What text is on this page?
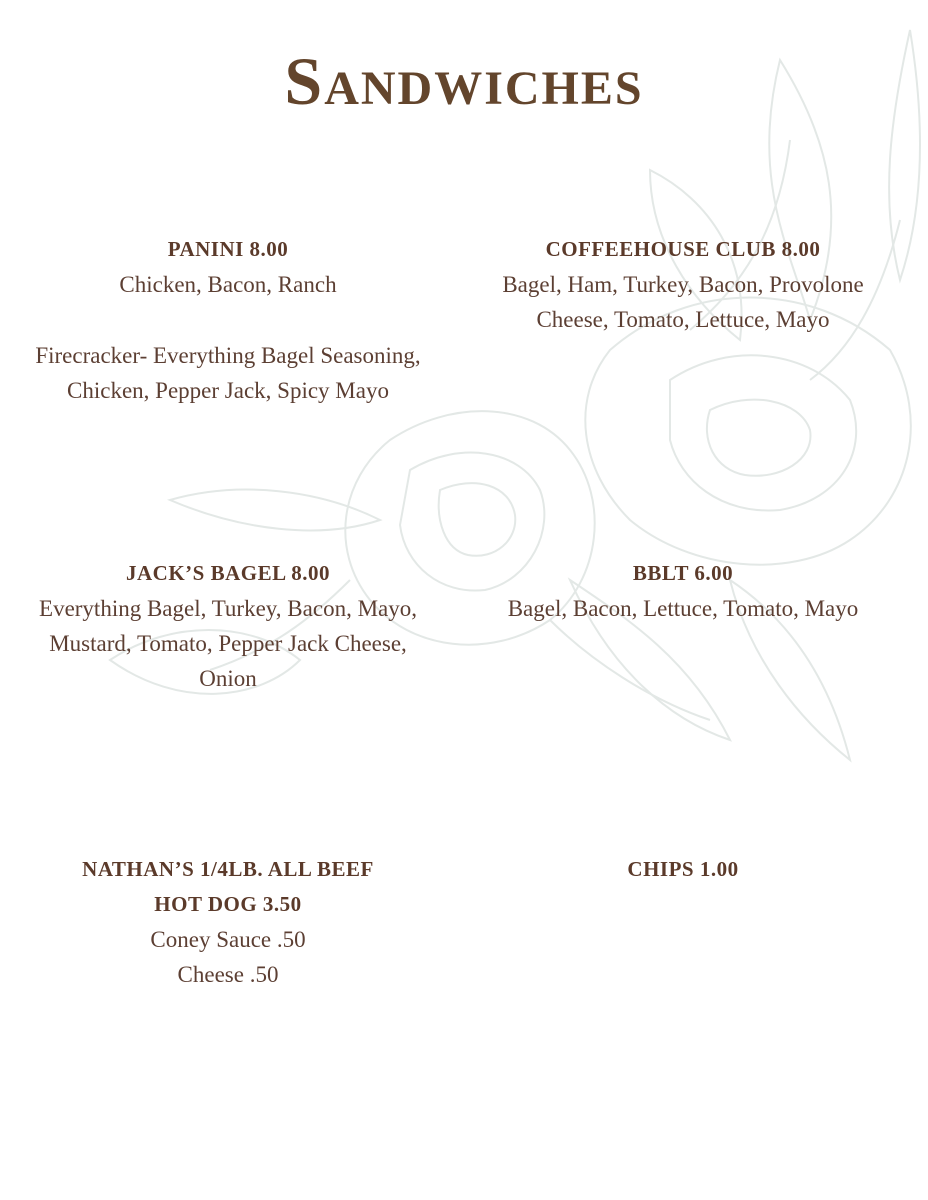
Sandwiches
PANINI 8.00
Chicken, Bacon, Ranch
Firecracker- Everything Bagel Seasoning,
Chicken, Pepper Jack, Spicy Mayo
COFFEEHOUSE CLUB 8.00
Bagel, Ham, Turkey, Bacon, Provolone
Cheese, Tomato, Lettuce, Mayo
JACK’S BAGEL 8.00
Everything Bagel, Turkey, Bacon, Mayo,
Mustard, Tomato, Pepper Jack Cheese,
Onion
BBLT 6.00
Bagel, Bacon, Lettuce, Tomato, Mayo
NATHAN’S 1/4LB. ALL BEEF
HOT DOG 3.50
Coney Sauce .50
Cheese .50
CHIPS 1.00
